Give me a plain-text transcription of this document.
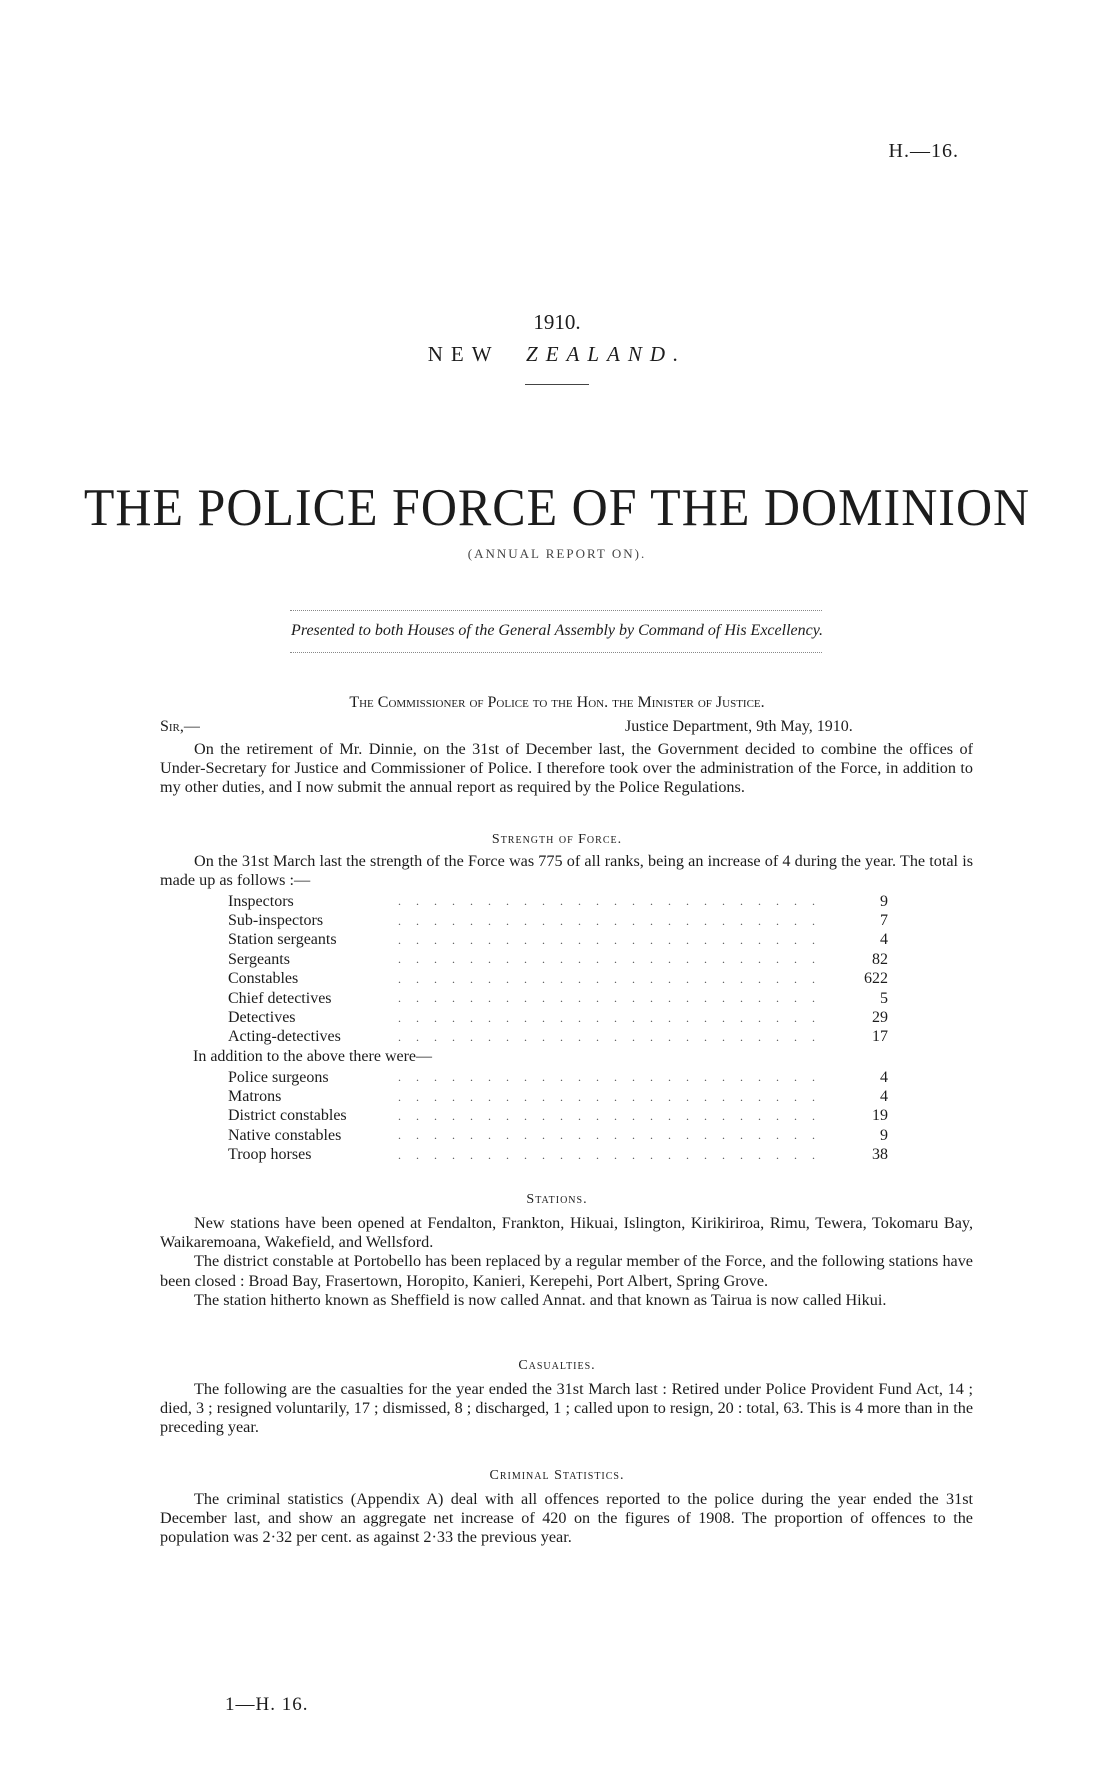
H.—16.
1910.
NEW ZEALAND.
THE POLICE FORCE OF THE DOMINION
(ANNUAL REPORT ON).
Presented to both Houses of the General Assembly by Command of His Excellency.
The Commissioner of Police to the Hon. the Minister of Justice.
Sir,—	Justice Department, 9th May, 1910.

On the retirement of Mr. Dinnie, on the 31st of December last, the Government decided to combine the offices of Under-Secretary for Justice and Commissioner of Police. I therefore took over the administration of the Force, in addition to my other duties, and I now submit the annual report as required by the Police Regulations.

Strength of Force.

On the 31st March last the strength of the Force was 775 of all ranks, being an increase of 4 during the year. The total is made up as follows :—

Inspectors	. . . . . . . . . . . . . . . . . . . . . . . .	9
Sub-inspectors	. . . . . . . . . . . . . . . . . . . . . . . .	7
Station sergeants	. . . . . . . . . . . . . . . . . . . . . . . .	4
Sergeants	. . . . . . . . . . . . . . . . . . . . . . . .	82
Constables	. . . . . . . . . . . . . . . . . . . . . . . .	622
Chief detectives	. . . . . . . . . . . . . . . . . . . . . . . .	5
Detectives	. . . . . . . . . . . . . . . . . . . . . . . .	29
Acting-detectives	. . . . . . . . . . . . . . . . . . . . . . . .	17
In addition to the above there were—
Police surgeons	. . . . . . . . . . . . . . . . . . . . . . . .	4
Matrons	. . . . . . . . . . . . . . . . . . . . . . . .	4
District constables	. . . . . . . . . . . . . . . . . . . . . . . .	19
Native constables	. . . . . . . . . . . . . . . . . . . . . . . .	9
Troop horses	. . . . . . . . . . . . . . . . . . . . . . . .	38
Stations.

New stations have been opened at Fendalton, Frankton, Hikuai, Islington, Kirikiriroa, Rimu, Tewera, Tokomaru Bay, Waikaremoana, Wakefield, and Wellsford.

The district constable at Portobello has been replaced by a regular member of the Force, and the following stations have been closed : Broad Bay, Frasertown, Horopito, Kanieri, Kerepehi, Port Albert, Spring Grove.

The station hitherto known as Sheffield is now called Annat. and that known as Tairua is now called Hikui.

Casualties.

The following are the casualties for the year ended the 31st March last : Retired under Police Provident Fund Act, 14 ; died, 3 ; resigned voluntarily, 17 ; dismissed, 8 ; discharged, 1 ; called upon to resign, 20 : total, 63. This is 4 more than in the preceding year.

Criminal Statistics.

The criminal statistics (Appendix A) deal with all offences reported to the police during the year ended the 31st December last, and show an aggregate net increase of 420 on the figures of 1908. The proportion of offences to the population was 2·32 per cent. as against 2·33 the previous year.

1—H. 16.
